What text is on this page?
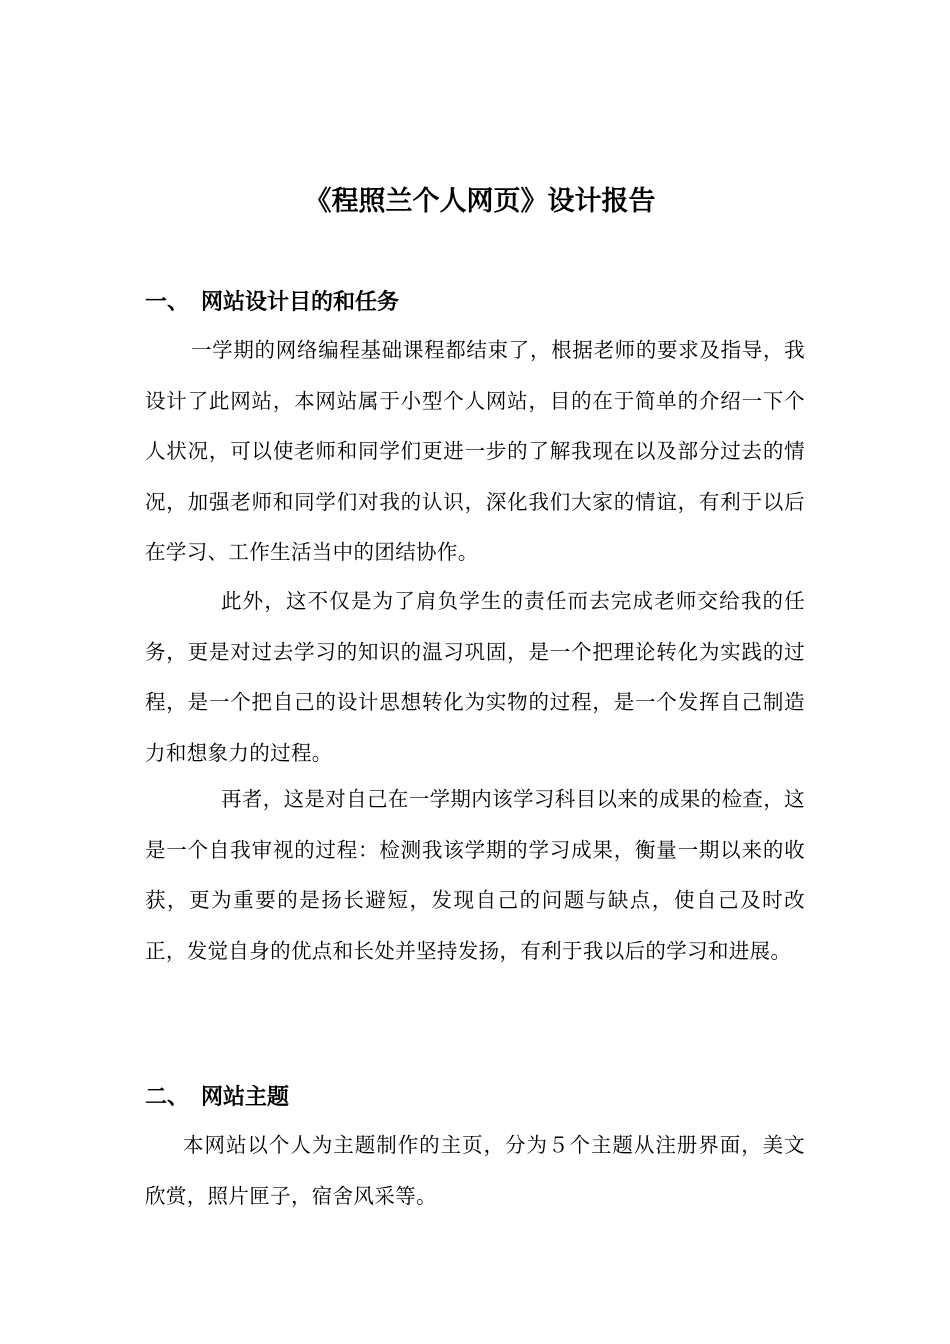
《程照兰个人网页》设计报告
一、 网站设计目的和任务

一学期的网络编程基础课程都结束了，根据老师的要求及指导，我设计了此网站，本网站属于小型个人网站，目的在于简单的介绍一下个人状况，可以使老师和同学们更进一步的了解我现在以及部分过去的情况，加强老师和同学们对我的认识，深化我们大家的情谊，有利于以后在学习、工作生活当中的团结协作。

此外，这不仅是为了肩负学生的责任而去完成老师交给我的任务，更是对过去学习的知识的温习巩固，是一个把理论转化为实践的过程，是一个把自己的设计思想转化为实物的过程，是一个发挥自己制造力和想象力的过程。

再者，这是对自己在一学期内该学习科目以来的成果的检查，这是一个自我审视的过程：检测我该学期的学习成果，衡量一期以来的收获，更为重要的是扬长避短，发现自己的问题与缺点，使自己及时改正，发觉自身的优点和长处并坚持发扬，有利于我以后的学习和进展。

二、 网站主题

本网站以个人为主题制作的主页，分为５个主题从注册界面，美文欣赏，照片匣子，宿舍风采等。
